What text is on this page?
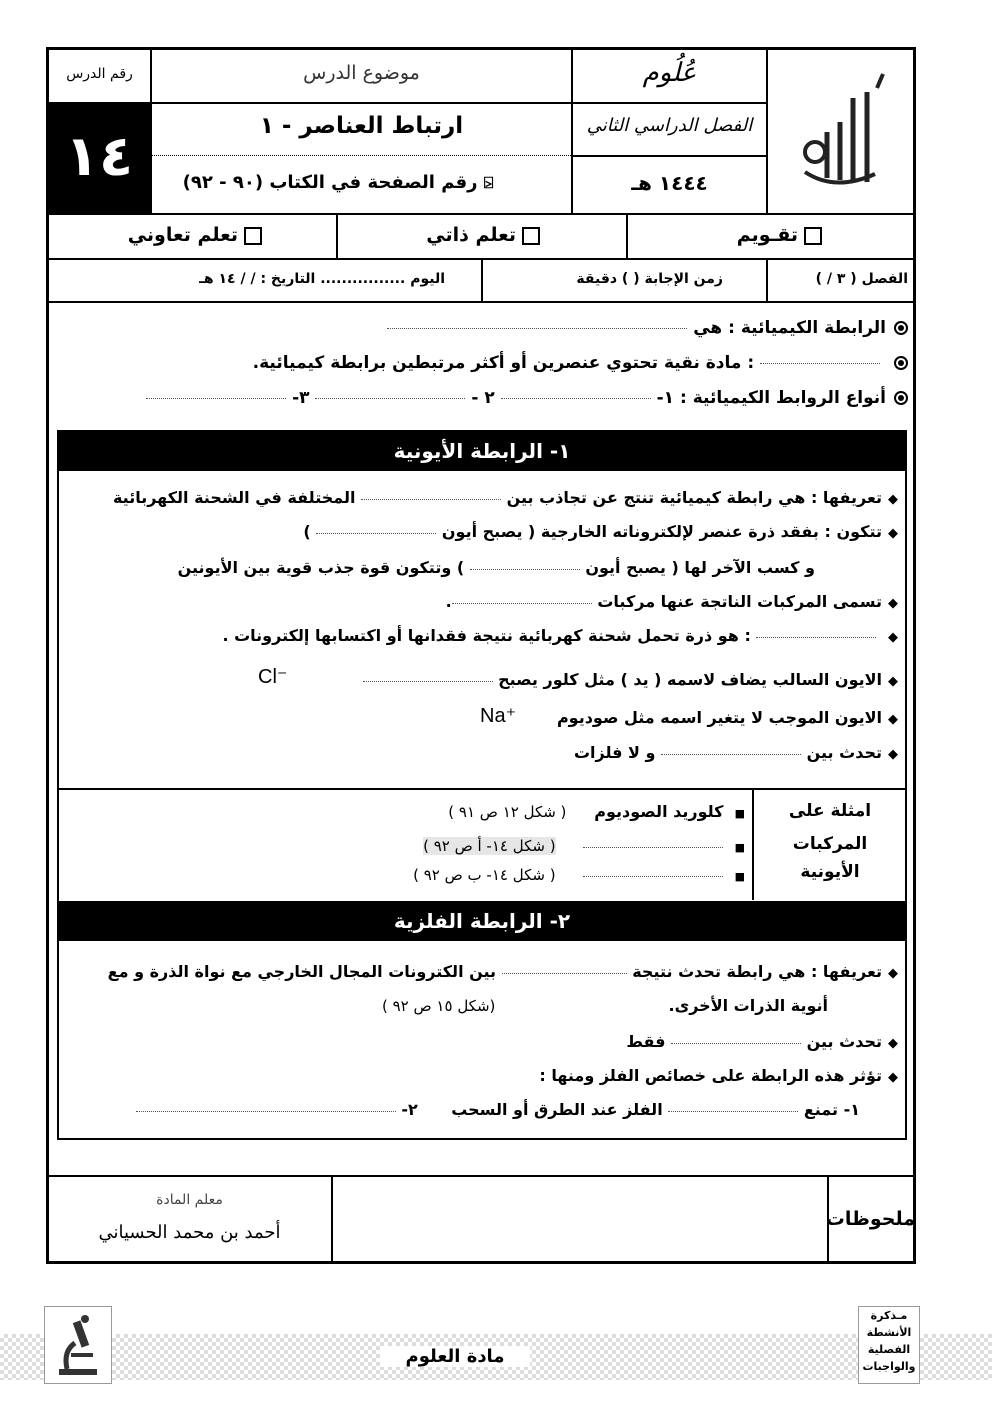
رقم الدرس
١٤
موضوع الدرس
ارتباط العناصر - ١
⍄ رقم الصفحة في الكتاب (٩٠ - ٩٢)
عُلُوم
الفصل الدراسي الثاني
١٤٤٤ هـ
تقـويم
تعلم ذاتي
تعلم تعاوني
الفصل ( ٣ / )
زمن الإجابة ( ) دقيقة
اليوم ................ التاريخ : / / ١٤ هـ
الرابطة الكيميائية : هي
: مادة نقية تحتوي عنصرين أو أكثر مرتبطين برابطة كيميائية.
أنواع الروابط الكيميائية : ١-  ٢ -  ٣-
١- الرابطة الأيونية
◆تعريفها : هي رابطة كيميائية تنتج عن تجاذب بين  المختلفة في الشحنة الكهربائية
◆تتكون : بفقد ذرة عنصر لإلكتروناته الخارجية ( يصبح أيون  )
و كسب الآخر لها ( يصبح أيون  ) وتتكون قوة جذب قوية بين الأيونين
◆تسمى المركبات الناتجة عنها مركبات .
◆  : هو ذرة تحمل شحنة كهربائية نتيجة فقدانها أو اكتسابها إلكترونات .
◆الايون السالب يضاف لاسمه ( يد ) مثل كلور يصبح
Cl⁻
◆الايون الموجب لا يتغير اسمه مثل صوديوم
Na⁺
◆تحدث بين  و لا فلزات
امثلة على
المركبات
الأيونية
■  كلوريد الصوديوم     ( شكل ١٢ ص ٩١ )
■       ( شكل ١٤- أ ص ٩٢ )
■       ( شكل ١٤- ب ص ٩٢ )
٢- الرابطة الفلزية
◆تعريفها : هي رابطة تحدث نتيجة  بين الكترونات المجال الخارجي مع نواة الذرة و مع
أنوية الذرات الأخرى.
(شكل ١٥ ص ٩٢ )
◆تحدث بين  فقط
◆تؤثر هذه الرابطة على خصائص الفلز ومنها :
١- تمنع  الفلز عند الطرق أو السحب      ٢-
ملحوظات
معلم المادة
أحمد بن محمد الحسياني
مادة العلوم
مـذكرة
الأنشطة
الفصلية
والواجبات
